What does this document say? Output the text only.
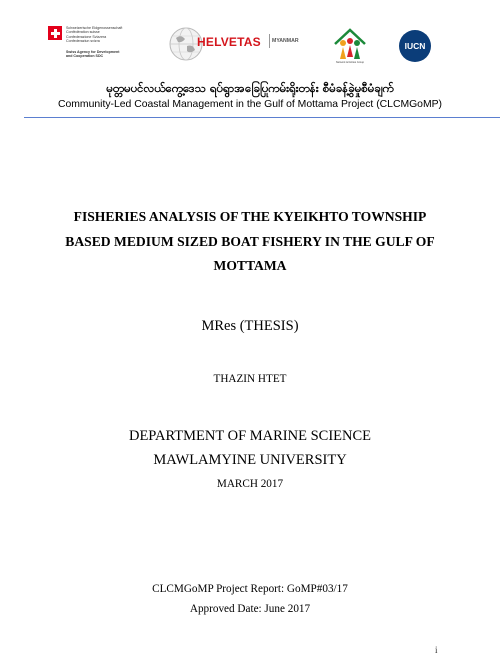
Schweizerische Eidgenossenschaft
Confédération suisse
Confederazione Svizzera
Confederaziun svizra
Swiss Agency for Development
and Cooperation SDC
HELVETAS MYANMAR
Network Activities Group
IUCN
မုတ္တမပင်လယ်ကွေ့ဒေသ ရပ်ရွာအခြေပြုကမ်းရိုးတန်း စီမံခန့်ခွဲမှုစီမံချက်
Community-Led Coastal Management in the Gulf of Mottama Project (CLCMGoMP)
FISHERIES ANALYSIS OF THE KYEIKHTO TOWNSHIP
BASED MEDIUM SIZED BOAT FISHERY IN THE GULF OF
MOTTAMA
MRes (THESIS)
THAZIN HTET
DEPARTMENT OF MARINE SCIENCE
MAWLAMYINE UNIVERSITY
MARCH 2017
CLCMGoMP Project Report: GoMP#03/17
Approved Date: June 2017
i
